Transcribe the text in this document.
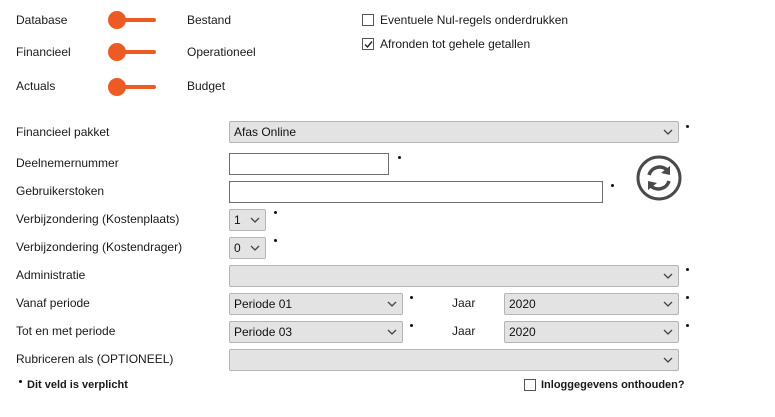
Database	Bestand
Financieel	Operationeel
Actuals	Budget
Eventuele Nul-regels onderdrukken
Afronden tot gehele getallen
Financieel pakket	Afas Online
Deelnemernummer
Gebruikerstoken
Verbijzondering (Kostenplaats)	1
Verbijzondering (Kostendrager)	0
Administratie
Vanaf periode	Periode 01	Jaar	2020
Tot en met periode	Periode 03	Jaar	2020
Rubriceren als (OPTIONEEL)
Dit veld is verplicht	Inloggegevens onthouden?
